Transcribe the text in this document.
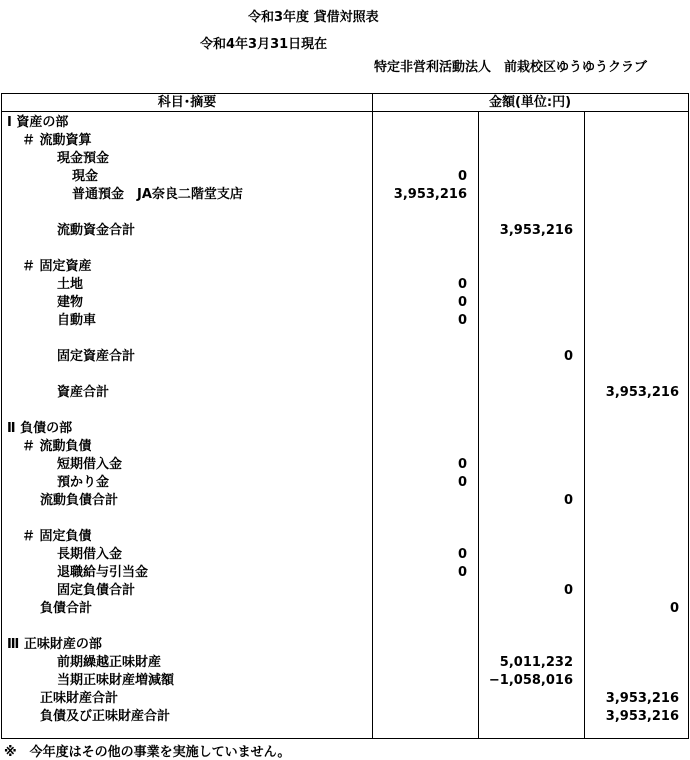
令和3年度 貸借対照表
令和4年3月31日現在
特定非営利活動法人　前栽校区ゆうゆうクラブ
科目･摘要	金額(単位:円)
Ⅰ 資産の部
＃ 流動資算
現金預金
現金	0
普通預金　JA奈良二階堂支店	3,953,216
流動資金合計	3,953,216
＃ 固定資産
土地	0
建物	0
自動車	0
固定資産合計	0
資産合計	3,953,216
Ⅱ 負債の部
＃ 流動負債
短期借入金	0
預かり金	0
流動負債合計	0
＃ 固定負債
長期借入金	0
退職給与引当金	0
固定負債合計	0
負債合計	0
Ⅲ 正味財産の部
前期繰越正味財産	5,011,232
当期正味財産増減額	−1,058,016
正味財産合計	3,953,216
負債及び正味財産合計	3,953,216
※　今年度はその他の事業を実施していません。
